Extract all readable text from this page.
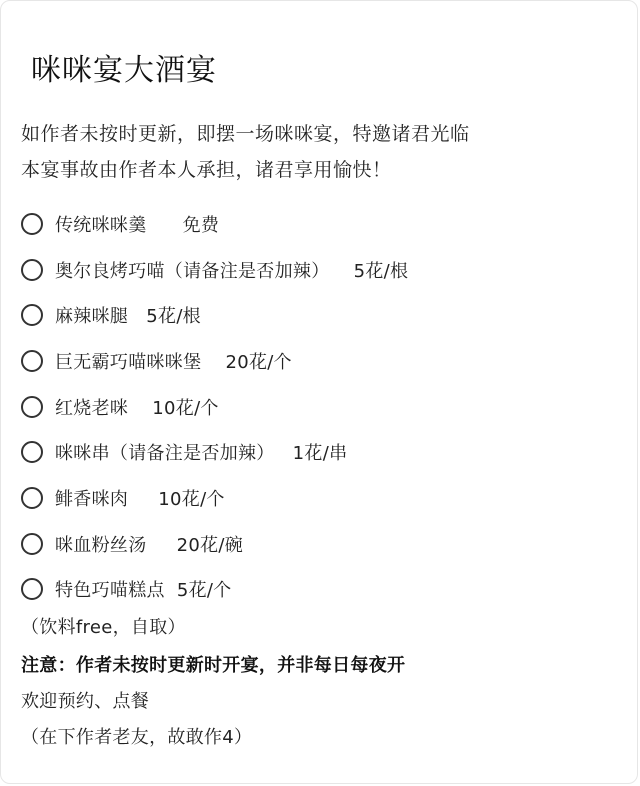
咪咪宴大酒宴
如作者未按时更新，即摆一场咪咪宴，特邀诸君光临
本宴事故由作者本人承担，诸君享用愉快！
传统咪咪羹      免费
奥尔良烤巧喵（请备注是否加辣）    5花/根
麻辣咪腿   5花/根
巨无霸巧喵咪咪堡    20花/个
红烧老咪    10花/个
咪咪串（请备注是否加辣）   1花/串
鲱香咪肉     10花/个
咪血粉丝汤     20花/碗
特色巧喵糕点  5花/个
（饮料free，自取）
注意：作者未按时更新时开宴，并非每日每夜开
欢迎预约、点餐
（在下作者老友，故敢作4）
